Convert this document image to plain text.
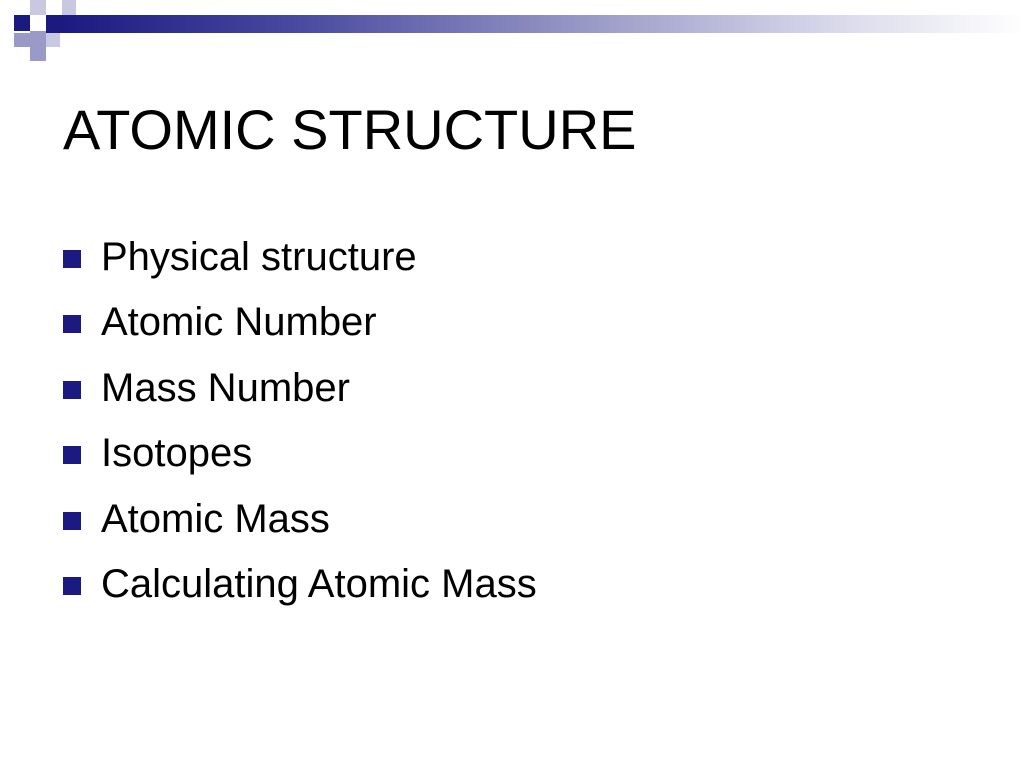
ATOMIC STRUCTURE
Physical structure
Atomic Number
Mass Number
Isotopes
Atomic Mass
Calculating Atomic Mass
